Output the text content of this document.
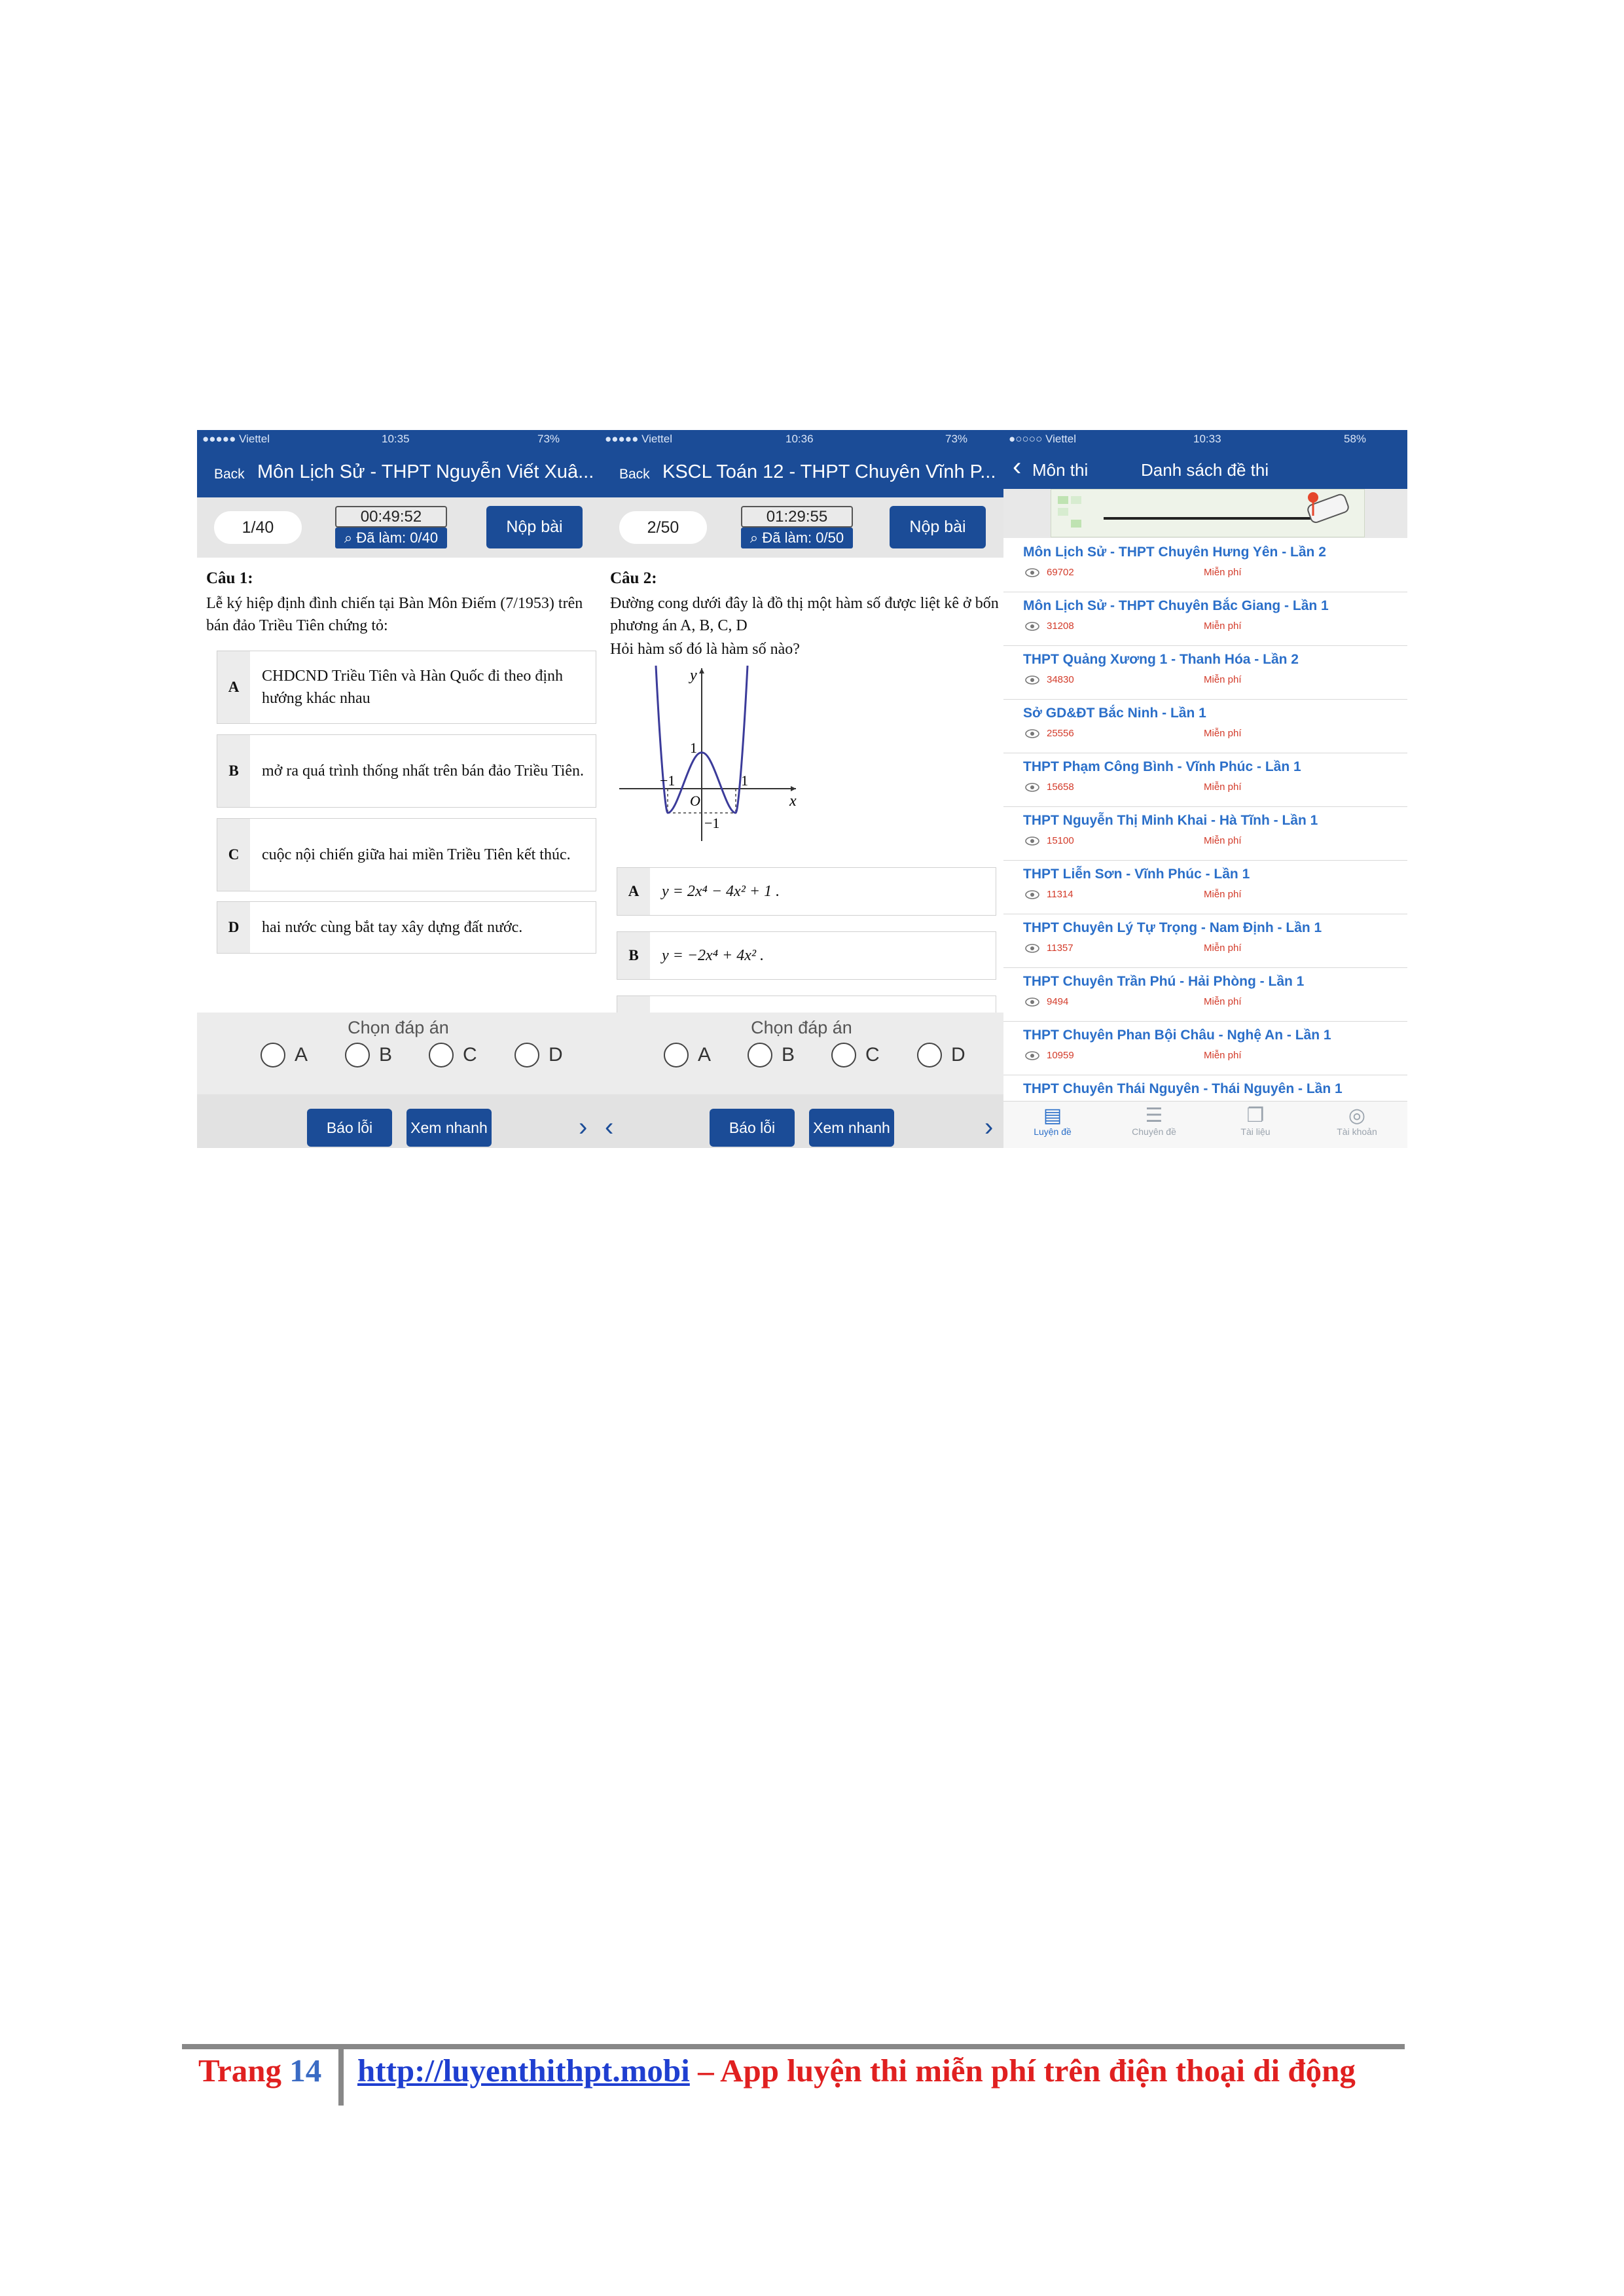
●●●●● Viettel	10:35	73%
Back Môn Lịch Sử - THPT Nguyễn Viết Xuâ...
1/40
00:49:52
⌕ Đã làm: 0/40
Nộp bài
Câu 1:
Lễ ký hiệp định đình chiến tại Bàn Môn Điếm (7/1953) trên bán đảo Triều Tiên chứng tỏ:
A
CHDCND Triều Tiên và Hàn Quốc đi theo định hướng khác nhau
B	mở ra quá trình thống nhất trên bán đảo Triều Tiên.
C	cuộc nội chiến giữa hai miền Triều Tiên kết thúc.
D	hai nước cùng bắt tay xây dựng đất nước.
Chọn đáp án
A	B	C	D
Báo lỗi	Xem nhanh	›
●●●●● Viettel	10:36	73%
Back KSCL Toán 12 - THPT Chuyên Vĩnh P...
2/50
01:29:55
⌕ Đã làm: 0/50
Nộp bài
Câu 2:
Đường cong dưới đây là đồ thị một hàm số được liệt kê ở bốn phương án A, B, C, D
Hỏi hàm số đó là hàm số nào?
y
x
O
1
−1	1
−1
A	y = 2x⁴ − 4x² + 1 .
B	y = −2x⁴ + 4x² .
Chọn đáp án
A	B	C	D
‹	Báo lỗi	Xem nhanh	›
●○○○○ Viettel	10:33	58%
‹ Môn thi	Danh sách đề thi
Môn Lịch Sử - THPT Chuyên Hưng Yên - Lần 2
69702	Miễn phí
Môn Lịch Sử - THPT Chuyên Bắc Giang - Lần 1
31208	Miễn phí
THPT Quảng Xương 1 - Thanh Hóa - Lần 2
34830	Miễn phí
Sở GD&ĐT Bắc Ninh - Lần 1
25556	Miễn phí
THPT Phạm Công Bình - Vĩnh Phúc - Lần 1
15658	Miễn phí
THPT Nguyễn Thị Minh Khai - Hà Tĩnh - Lần 1
15100	Miễn phí
THPT Liễn Sơn - Vĩnh Phúc - Lần 1
11314	Miễn phí
THPT Chuyên Lý Tự Trọng - Nam Định - Lần 1
11357	Miễn phí
THPT Chuyên Trần Phú - Hải Phòng - Lần 1
9494	Miễn phí
THPT Chuyên Phan Bội Châu - Nghệ An - Lần 1
10959	Miễn phí
THPT Chuyên Thái Nguyên - Thái Nguyên - Lần 1
▤
Luyện đề
☰
Chuyên đề
❐
Tài liệu
◎
Tài khoản
Trang 14 http://luyenthithpt.mobi – App luyện thi miễn phí trên điện thoại di động
